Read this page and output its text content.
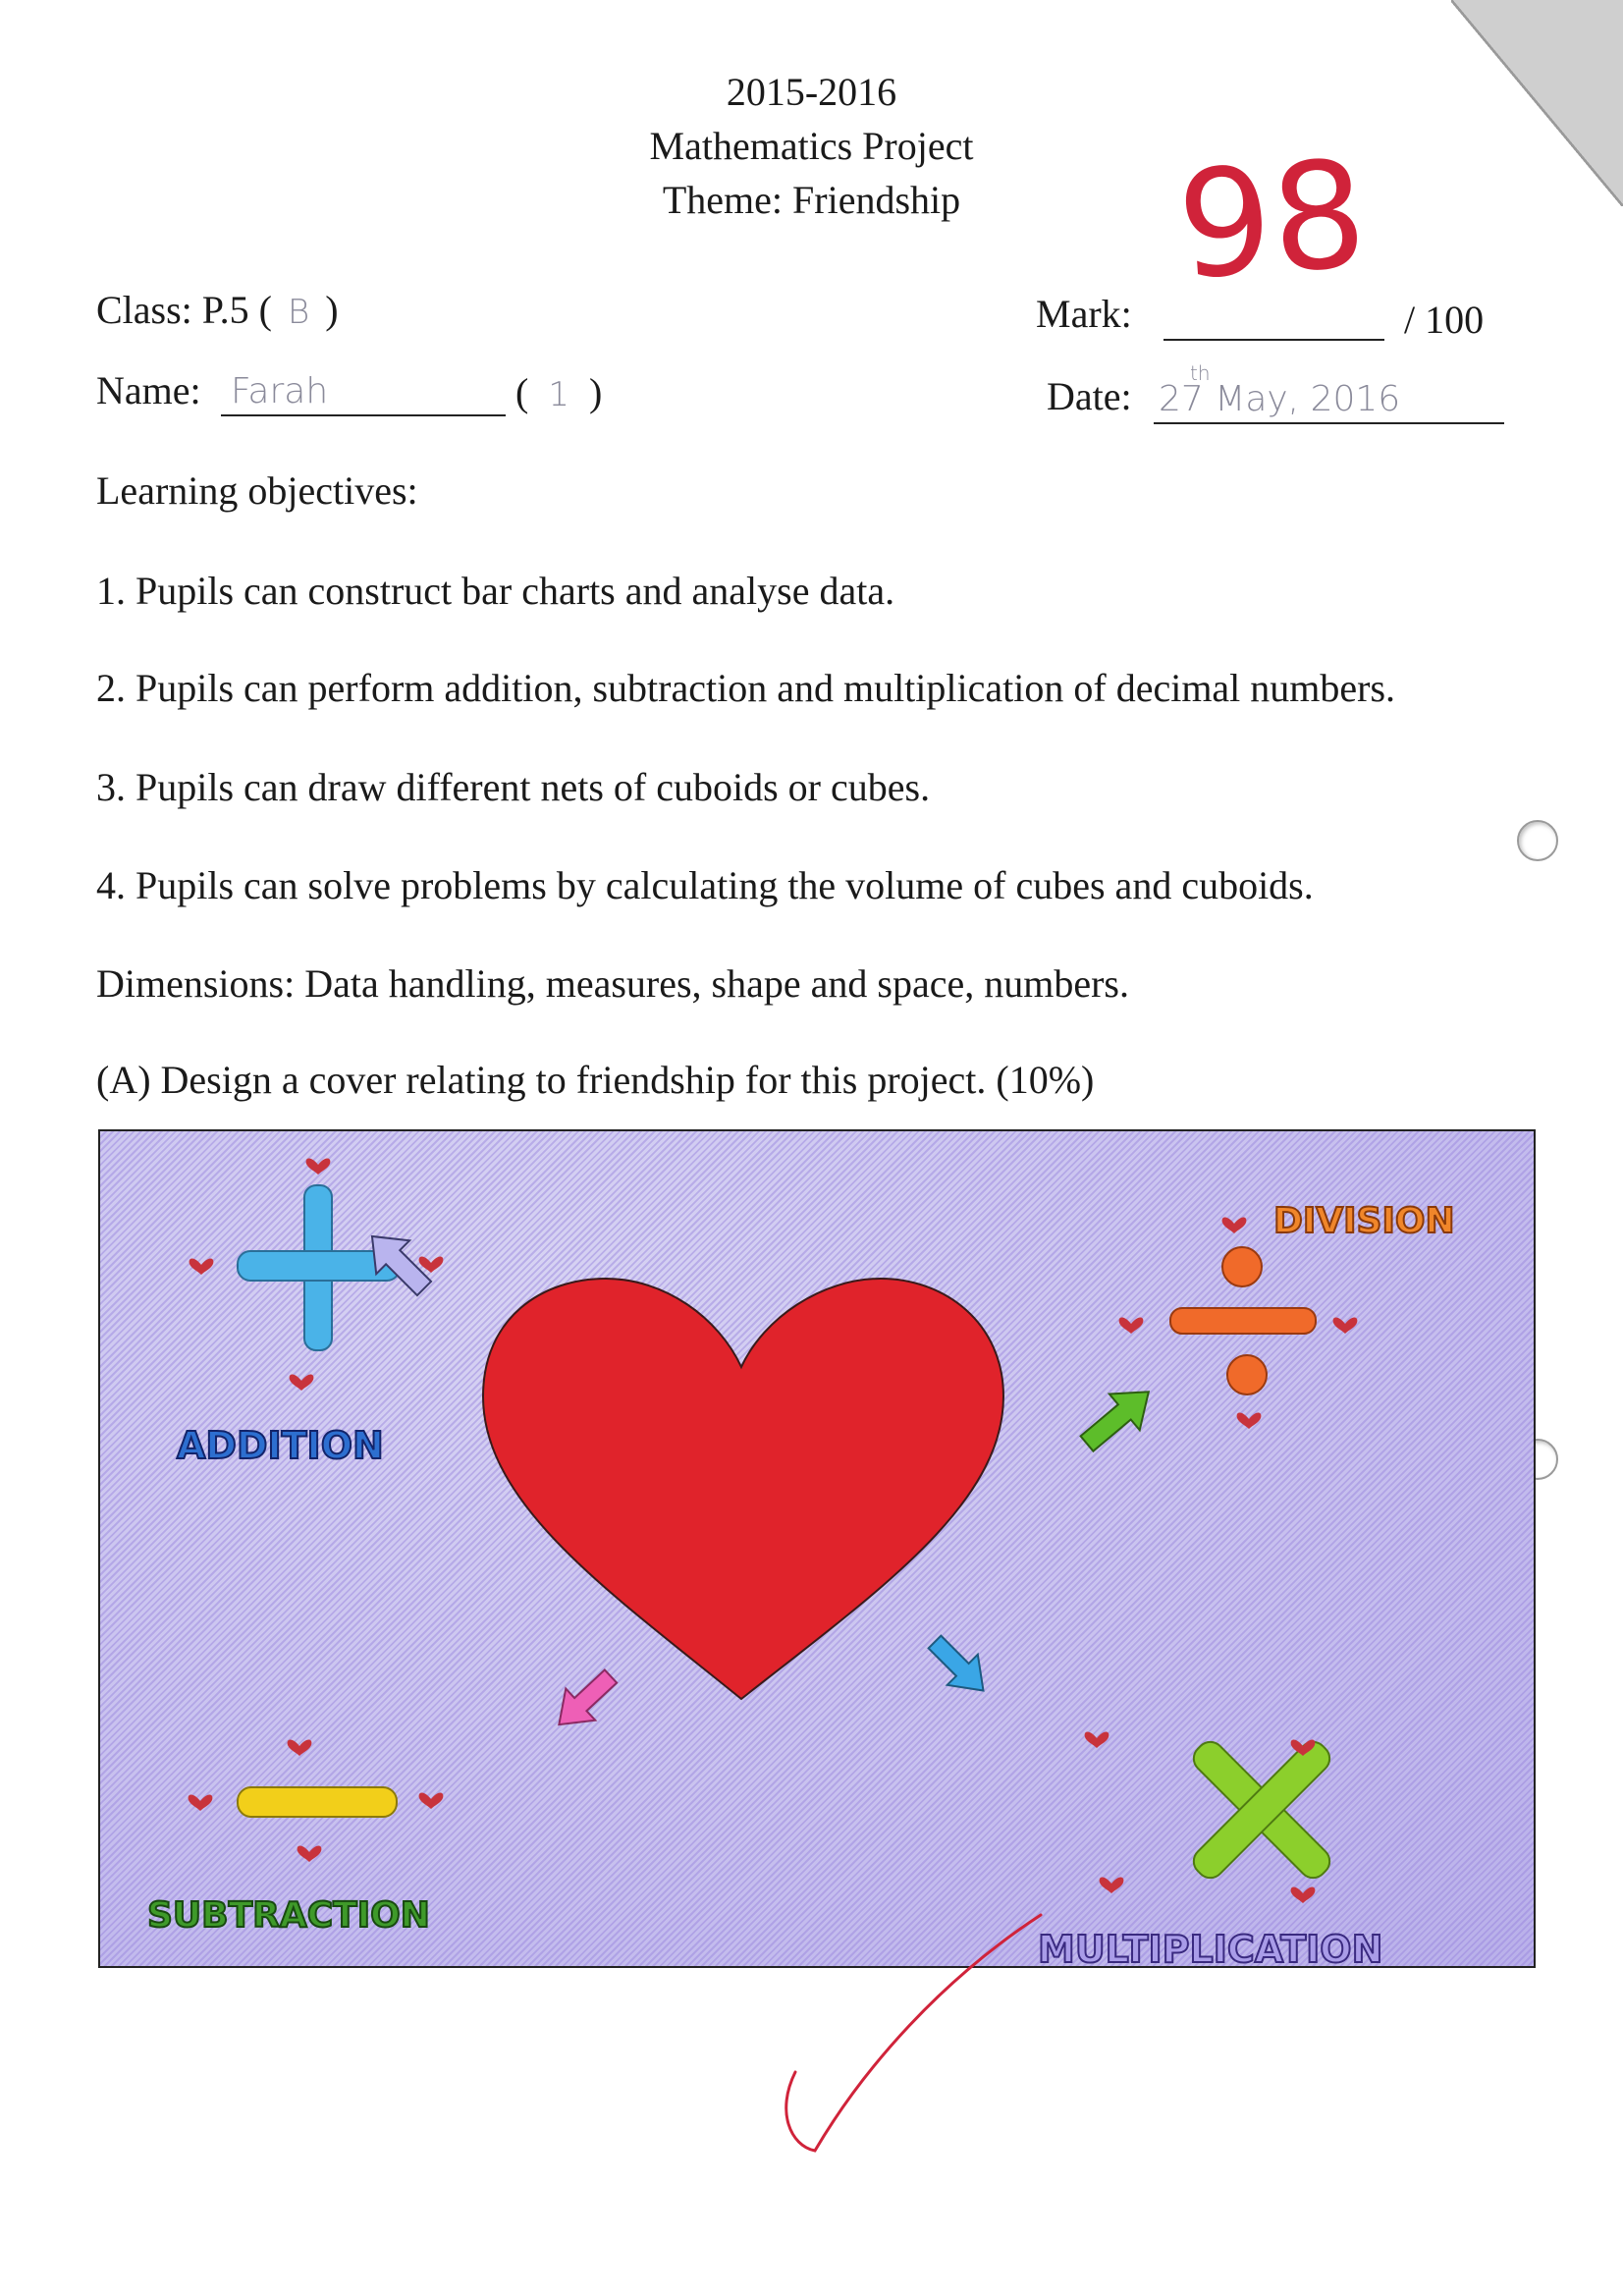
2015-2016
Mathematics Project
Theme: Friendship	98
Class: P.5 ( B )	Mark:	/ 100
Name: Farah	( 1 )	Date: 27 May, 2016
th
Learning objectives:
1. Pupils can construct bar charts and analyse data.
2. Pupils can perform addition, subtraction and multiplication of decimal numbers.
3. Pupils can draw different nets of cuboids or cubes.
4. Pupils can solve problems by calculating the volume of cubes and cuboids.
Dimensions: Data handling, measures, shape and space, numbers.
(A) Design a cover relating to friendship for this project. (10%)
ADDITION
SUBTRACTION
DIVISION
MULTIPLICATION
